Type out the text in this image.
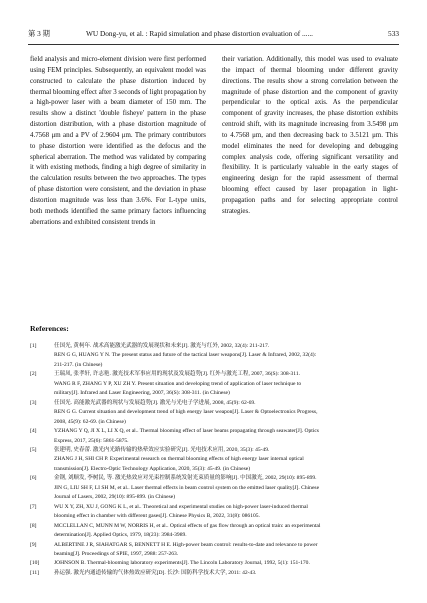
第 3 期	WU Dong-yu, et al. : Rapid simulation and phase distortion evaluation of ......	533

field analysis and micro-element division were first performed using FEM principles. Subsequently, an equivalent model was constructed to calculate the phase distortion induced by thermal blooming effect after 3 seconds of light propagation by a high-power laser with a beam diameter of 150 mm. The results show a distinct 'double fisheye' pattern in the phase distortion distribution, with a phase distortion magnitude of 4.7568 μm and a PV of 2.9604 μm. The primary contributors to phase distortion were identified as the defocus and the spherical aberration. The method was validated by comparing it with existing methods, finding a high degree of similarity in the calculation results between the two approaches. The types of phase distortion were consistent, and the deviation in phase distortion magnitude was less than 3.6%. For L-type units, both methods identified the same primary factors influencing aberrations and exhibited consistent trends in

their variation. Additionally, this model was used to evaluate the impact of thermal blooming under different gravity directions. The results show a strong correlation between the magnitude of phase distortion and the component of gravity perpendicular to the optical axis. As the perpendicular component of gravity increases, the phase distortion exhibits centroid shift, with its magnitude increasing from 3.5498 μm to 4.7568 μm, and then decreasing back to 3.5121 μm. This model eliminates the need for developing and debugging complex analysis code, offering significant versatility and flexibility. It is particularly valuable in the early stages of engineering design for the rapid assessment of thermal blooming effect caused by laser propagation in light-propagation paths and for selecting appropriate control strategies.

References:
[1]	任国光, 黄柯年. 战术高能激光武器的发展现状和未来[J]. 激光与红外, 2002, 32(4): 211-217.
REN G G, HUANG Y N. The present status and future of the tactical laser weapons[J]. Laser & Infrared, 2002, 32(4):
211-217. (in Chinese)
[2]	王瑞凤, 张孝轩, 许志艳. 激光技术军事应用的现状及发展趋势[J]. 红外与激光工程, 2007, 36(S): 308-311.
WANG R F, ZHANG Y P, XU ZH Y. Present situation and developing trend of application of laser technique to
military[J]. Infrared and Laser Engineering, 2007, 36(S): 308-311. (in Chinese)
[3]	任国光. 高能激光武器的现状与发展趋势[J]. 激光与光电子学进展, 2008, 45(9): 62-69.
REN G G. Current situation and development trend of high energy laser weapon[J]. Laser & Optoelectronics Progress,
2008, 45(9): 62-69. (in Chinese)
[4]	YZHANG Y Q, JI X L, LI X Q, et al.. Thermal blooming effect of laser beams propagating through seawater[J]. Optics
Express, 2017, 25(6): 5861-5875.
[5]	张建明, 史春蕾. 激光内光路传输的热晕效应实验研究[J]. 光电技术应用, 2020, 35(3): 45-49.
ZHANG J H, SHI CH P. Experimental research on thermal blooming effects of high energy laser internal optical
transmission[J]. Electro-Optic Technology Application, 2020, 35(3): 45-49. (in Chinese)
[6]	金钢, 刘顺发, 李树民, 等. 激光热效应对光束控制系统发射光束质量的影响[J]. 中国激光, 2002, 29(10): 895-899.
JIN G, LIU SH F, LI SH M, et al.. Laser thermal effects in beam control system on the emitted laser quality[J]. Chinese
Journal of Lasers, 2002, 29(10): 895-899. (in Chinese)
[7]	WU X Y, ZH, XU J, GONG K L, et al.. Theoretical and experimental studies on high-power laser-induced thermal
blooming effect in chamber with different gases[J]. Chinese Physics B, 2022, 31(8): 086105.
[8]	MCCLELLAN C, MUNN M W, NORRIS H, et al.. Optical effects of gas flow through an optical train: an experimental
determination[J]. Applied Optics, 1979, 18(23): 3984-3989.
[9]	ALBERTINE J R, SIAHATGAR S, BENNETT H E. High-power beam control: results-to-date and relevance to power
beaming[J]. Proceedings of SPIE, 1997, 2988: 257-263.
[10]	JOHNSON B. Thermal-blooming laboratory experiments[J]. The Lincoln Laboratory Journal, 1992, 5(1): 151-170.
[11]	孙运强. 激光内通道传输的气体热效应研究[D]. 长沙: 国防科学技术大学, 2011: 42-43.
